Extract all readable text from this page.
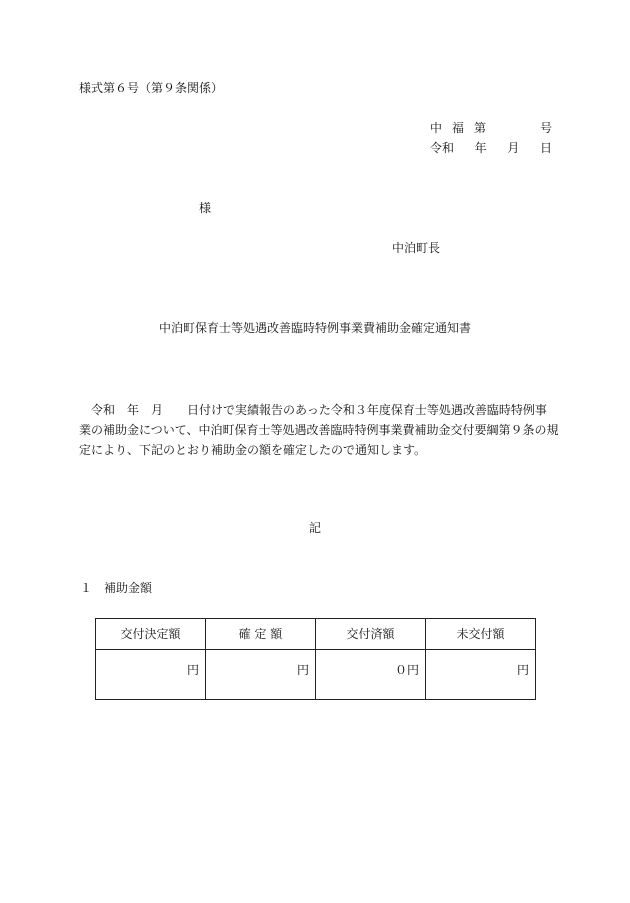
様式第６号（第９条関係）
中 福 第	号
令和 年 月 日
様
中泊町長
中泊町保育士等処遇改善臨時特例事業費補助金確定通知書
　令和　年　月　　日付けで実績報告のあった令和３年度保育士等処遇改善臨時特例事
業の補助金について、中泊町保育士等処遇改善臨時特例事業費補助金交付要綱第９条の規
定により、下記のとおり補助金の額を確定したので通知します。
記
１　補助金額
交付決定額	確 定 額	交付済額	未交付額
円	円	０円	円
